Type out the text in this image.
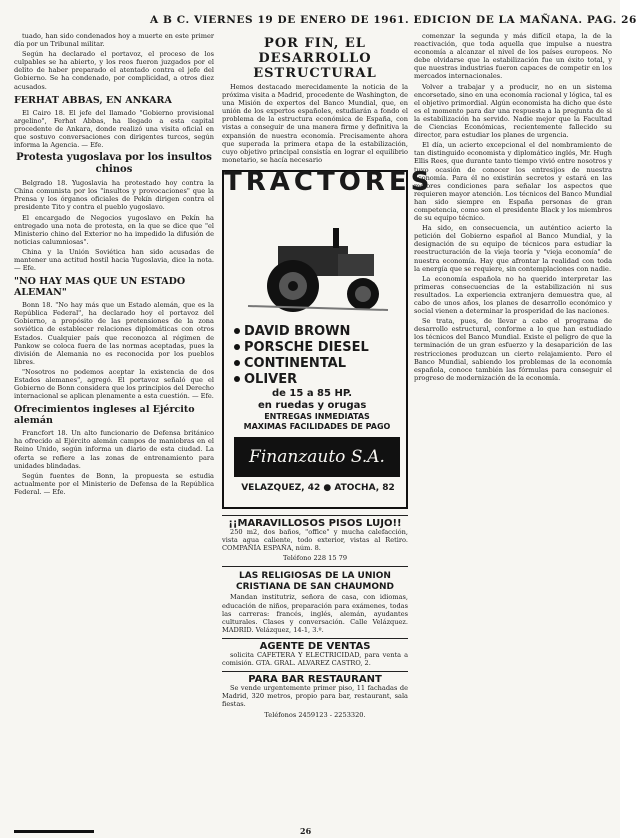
A B C. VIERNES 19 DE ENERO DE 1961. EDICION DE LA MAÑANA. PAG. 26

tuado, han sido condenados hoy a muerte en este primer día por un Tribunal militar.

Según ha declarado el portavoz, el proceso de los culpables se ha abierto, y los reos fueron juzgados por el delito de haber preparado el atentado contra el jefe del Gobierno. Se ha condenado, por complicidad, a otros diez acusados.

FERHAT ABBAS, EN ANKARA

El Cairo 18. El jefe del llamado "Gobierno provisional argelino", Ferhat Abbas, ha llegado a esta capital procedente de Ankara, donde realizó una visita oficial en que sostuvo conversaciones con dirigentes turcos, según informa la Agencia. — Efe.

Protesta yugoslava por los insultos chinos

Belgrado 18. Yugoslavia ha protestado hoy contra la China comunista por los "insultos y provocaciones" que la Prensa y los órganos oficiales de Pekín dirigen contra el presidente Tito y contra el pueblo yugoslavo.

El encargado de Negocios yugoslavo en Pekín ha entregado una nota de protesta, en la que se dice que "el Ministerio chino del Exterior no ha impedido la difusión de noticias calumniosas".

China y la Unión Soviética han sido acusadas de mantener una actitud hostil hacia Yugoslavia, dice la nota. — Efe.

"NO HAY MAS QUE UN ESTADO ALEMAN"

Bonn 18. "No hay más que un Estado alemán, que es la República Federal", ha declarado hoy el portavoz del Gobierno, a propósito de las pretensiones de la zona soviética de establecer relaciones diplomáticas con otros Estados. Cualquier país que reconozca al régimen de Pankow se coloca fuera de las normas aceptadas, pues la división de Alemania no es reconocida por los pueblos libres.

"Nosotros no podemos aceptar la existencia de dos Estados alemanes", agregó. El portavoz señaló que el Gobierno de Bonn considera que los principios del Derecho internacional se aplican plenamente a esta cuestión. — Efe.

Ofrecimientos ingleses al Ejército alemán

Francfort 18. Un alto funcionario de Defensa británico ha ofrecido al Ejército alemán campos de maniobras en el Reino Unido, según informa un diario de esta ciudad. La oferta se refiere a las zonas de entrenamiento para unidades blindadas.

Según fuentes de Bonn, la propuesta se estudia actualmente por el Ministerio de Defensa de la República Federal. — Efe.

POR FIN, EL DESARROLLO ESTRUCTURAL

Hemos destacado merecidamente la noticia de la próxima visita a Madrid, procedente de Washington, de una Misión de expertos del Banco Mundial, que, en unión de los expertos españoles, estudiarán a fondo el problema de la estructura económica de España, con vistas a conseguir de una manera firme y definitiva la expansión de nuestra economía. Precisamente ahora que superada la primera etapa de la estabilización, cuyo objetivo principal consistía en lograr el equilibrio monetario, se hacía necesario

TRACTORES
DAVID BROWN
PORSCHE DIESEL
CONTINENTAL
OLIVER
de 15 a 85 HP.
en ruedas y orugas
ENTREGAS INMEDIATAS
MAXIMAS FACILIDADES DE PAGO
Finanzauto S.A.
VELAZQUEZ, 42 ● ATOCHA, 82
¡¡MARAVILLOSOS PISOS LUJO!!

250 m2, dos baños, "office" y mucha calefacción, vista agua caliente, todo exterior, vistas al Retiro. COMPAÑÍA ESPAÑA, núm. 8.

Teléfono 228 15 79
LAS RELIGIOSAS DE LA UNION CRISTIANA DE SAN CHAUMOND

Mandan institutriz, señora de casa, con idiomas, educación de niños, preparación para exámenes, todas las carreras: francés, inglés, alemán, ayudantes culturales. Clases y conversación. Calle Velázquez. MADRID. Velázquez, 14-1, 3.º.

AGENTE DE VENTAS

solicita CAFETERA Y ELECTRICIDAD, para venta a comisión. GTA. GRAL. ALVAREZ CASTRO, 2.

PARA BAR RESTAURANT

Se vende urgentemente primer piso, 11 fachadas de Madrid, 320 metros, propio para bar, restaurant, sala fiestas.

Teléfonos 2459123 - 2253320.

comenzar la segunda y más difícil etapa, la de la reactivación, que toda aquella que impulse a nuestra economía a alcanzar el nivel de los países europeos. No debe olvidarse que la estabilización fue un éxito total, y que nuestras industrias fueron capaces de competir en los mercados internacionales.

Volver a trabajar y a producir, no en un sistema encorsetado, sino en una economía racional y lógica, tal es el objetivo primordial. Algún economista ha dicho que éste es el momento para dar una respuesta a la pregunta de si la estabilización ha servido. Nadie mejor que la Facultad de Ciencias Económicas, recientemente fallecido su director, para estudiar los planes de urgencia.

El día, un acierto excepcional el del nombramiento de tan distinguido economista y diplomático inglés, Mr. Hugh Ellis Rees, que durante tanto tiempo vivió entre nosotros y tuvo ocasión de conocer los entresijos de nuestra economía. Para él no existirán secretos y estará en las mejores condiciones para señalar los aspectos que requieren mayor atención. Los técnicos del Banco Mundial han sido siempre en España personas de gran competencia, como son el presidente Black y los miembros de su equipo técnico.

Ha sido, en consecuencia, un auténtico acierto la petición del Gobierno español al Banco Mundial, y la designación de su equipo de técnicos para estudiar la reestructuración de la vieja teoría y "vieja economía" de nuestra economía. Hay que afrontar la realidad con toda la energía que se requiere, sin contemplaciones con nadie.

La economía española no ha querido interpretar las primeras consecuencias de la estabilización ni sus resultados. La experiencia extranjera demuestra que, al cabo de unos años, los planes de desarrollo económico y social vienen a determinar la prosperidad de las naciones.

Se trata, pues, de llevar a cabo el programa de desarrollo estructural, conforme a lo que han estudiado los técnicos del Banco Mundial. Existe el peligro de que la terminación de un gran esfuerzo y la desaparición de las restricciones produzcan un cierto relajamiento. Pero el Banco Mundial, sabiendo los problemas de la economía española, conoce también las fórmulas para conseguir el progreso de modernización de la economía.

26
